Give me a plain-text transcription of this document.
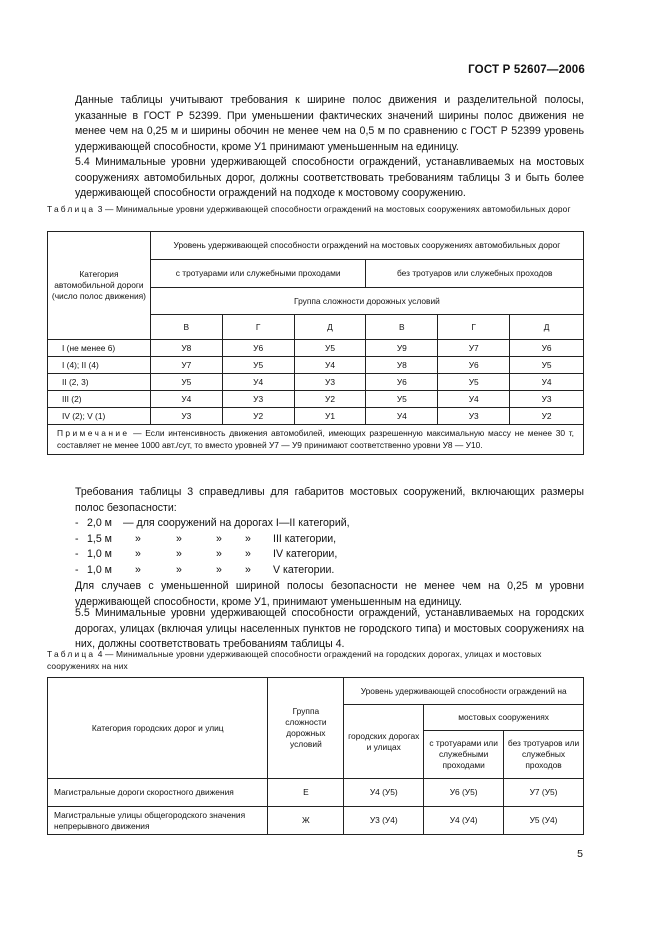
ГОСТ Р 52607—2006

Данные таблицы учитывают требования к ширине полос движения и разделительной полосы, указанные в ГОСТ Р 52399. При уменьшении фактических значений ширины полос движения не менее чем на 0,25 м и ширины обочин не менее чем на 0,5 м по сравнению с ГОСТ Р 52399 уровень удерживающей способности, кроме У1 принимают уменьшенным на единицу.

5.4 Минимальные уровни удерживающей способности ограждений, устанавливаемых на мостовых сооружениях автомобильных дорог, должны соответствовать требованиям таблицы 3 и быть более удерживающей способности ограждений на подходе к мостовому сооружению.

Таблица 3 — Минимальные уровни удерживающей способности ограждений на мостовых сооружениях автомобильных дорог
Категория автомобильной дороги (число полос движения)	Уровень удерживающей способности ограждений на мостовых сооружениях автомобильных дорог					
	с тротуарами или служебными проходами			без тротуаров или служебных проходов		
	Группа сложности дорожных условий					
	В	Г	Д	В	Г	Д
I (не менее 6)	У8	У6	У5	У9	У7	У6
I (4); II (4)	У7	У5	У4	У8	У6	У5
II (2, 3)	У5	У4	У3	У6	У5	У4
III (2)	У4	У3	У2	У5	У4	У3
IV (2); V (1)	У3	У2	У1	У4	У3	У2
Примечание — Если интенсивность движения автомобилей, имеющих разрешенную максимальную массу не менее 30 т, составляет не менее 1000 авт./сут, то вместо уровней У7 — У9 принимают соответственно уровни У8 — У10.						

Требования таблицы 3 справедливы для габаритов мостовых сооружений, включающих размеры полос безопасности:

- 2,0 м — для сооружений на дорогах I—II категорий,
- 1,5 м »	»	» » III категории,
- 1,0 м »	»	» » IV категории,
- 1,0 м »	»	» » V категории.

Для случаев с уменьшенной шириной полосы безопасности не менее чем на 0,25 м уровни удерживающей способности, кроме У1, принимают уменьшенным на единицу.

5.5 Минимальные уровни удерживающей способности ограждений, устанавливаемых на городских дорогах, улицах (включая улицы населенных пунктов не городского типа) и мостовых сооружениях на них, должны соответствовать требованиям таблицы 4.

Таблица 4 — Минимальные уровни удерживающей способности ограждений на городских дорогах, улицах и мостовых сооружениях на них
Категория городских дорог и улиц	Группа сложности дорожных условий	Уровень удерживающей способности ограждений на		
		городских дорогах и улицах	мостовых сооружениях	
			с тротуарами или служебными проходами	без тротуаров или служебных проходов
Магистральные дороги скоростного движения	Е	У4 (У5)	У6 (У5)	У7 (У5)
Магистральные улицы общегородского значения непрерывного движения	Ж	У3 (У4)	У4 (У4)	У5 (У4)
5
